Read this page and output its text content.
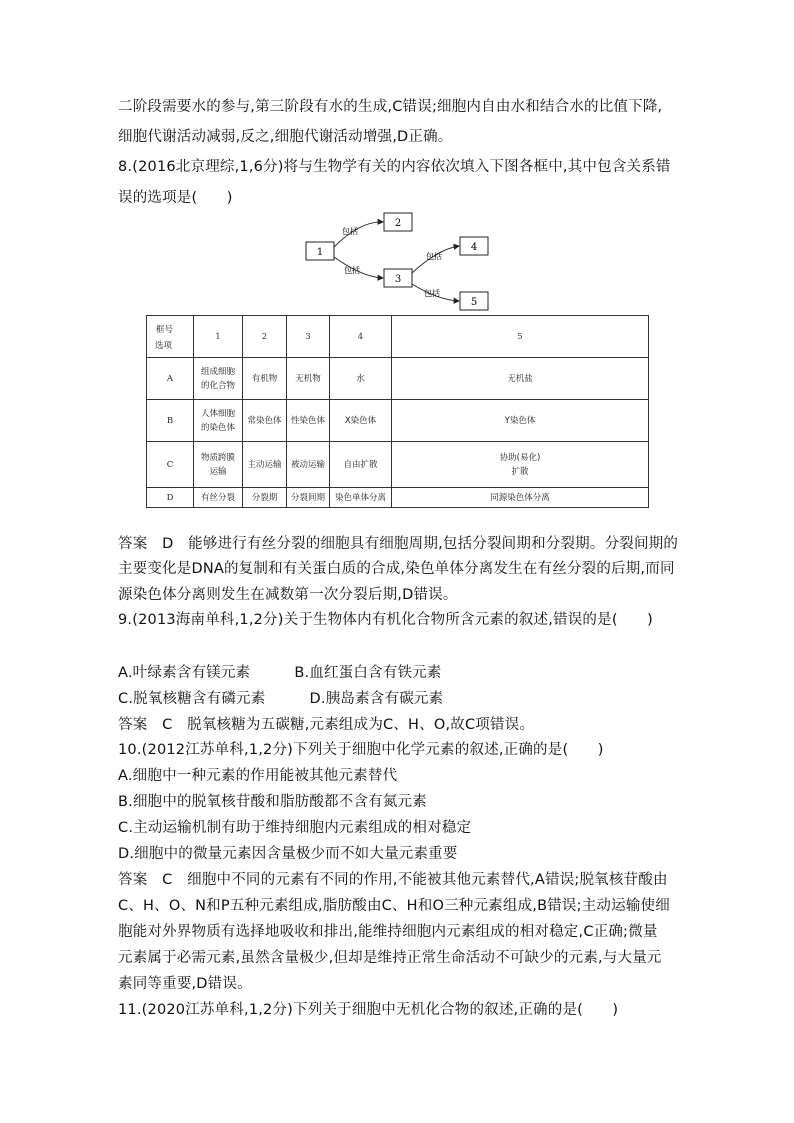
二阶段需要水的参与,第三阶段有水的生成,C错误;细胞内自由水和结合水的比值下降,
细胞代谢活动减弱,反之,细胞代谢活动增强,D正确。
8.(2016北京理综,1,6分)将与生物学有关的内容依次填入下图各框中,其中包含关系错
误的选项是(　　)
1
2
3
4
5
包括
包括
包括
包括
框号
选项	1	2	3	4	5
A	组成细胞
的化合物	有机物	无机物	水	无机盐
B	人体细胞
的染色体	常染色体	性染色体	X染色体	Y染色体
C	物质跨膜
运输	主动运输	被动运输	自由扩散	协助(易化)
扩散
D	有丝分裂	分裂期	分裂间期	染色单体分离	同源染色体分离
答案　D　能够进行有丝分裂的细胞具有细胞周期,包括分裂间期和分裂期。分裂间期的
主要变化是DNA的复制和有关蛋白质的合成,染色单体分离发生在有丝分裂的后期,而同
源染色体分离则发生在减数第一次分裂后期,D错误。
9.(2013海南单科,1,2分)关于生物体内有机化合物所含元素的叙述,错误的是(　　)
A.叶绿素含有镁元素　　　B.血红蛋白含有铁元素
C.脱氧核糖含有磷元素　　　D.胰岛素含有碳元素
答案　C　脱氧核糖为五碳糖,元素组成为C、H、O,故C项错误。
10.(2012江苏单科,1,2分)下列关于细胞中化学元素的叙述,正确的是(　　)
A.细胞中一种元素的作用能被其他元素替代
B.细胞中的脱氧核苷酸和脂肪酸都不含有氮元素
C.主动运输机制有助于维持细胞内元素组成的相对稳定
D.细胞中的微量元素因含量极少而不如大量元素重要
答案　C　细胞中不同的元素有不同的作用,不能被其他元素替代,A错误;脱氧核苷酸由
C、H、O、N和P五种元素组成,脂肪酸由C、H和O三种元素组成,B错误;主动运输使细
胞能对外界物质有选择地吸收和排出,能维持细胞内元素组成的相对稳定,C正确;微量
元素属于必需元素,虽然含量极少,但却是维持正常生命活动不可缺少的元素,与大量元
素同等重要,D错误。
11.(2020江苏单科,1,2分)下列关于细胞中无机化合物的叙述,正确的是(　　)
